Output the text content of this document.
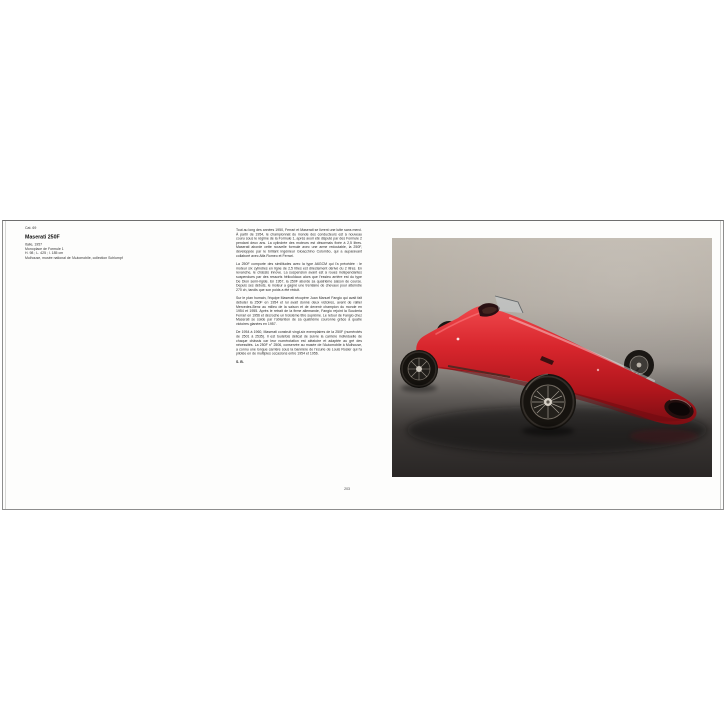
Cat. 69
Maserati 250F
Italie, 1957
Monoplace de Formule 1
H. 98 ; L. 425 ; l. 185 cm
Mulhouse, musée national de l'Automobile, collection Schlumpf

Tout au long des années 1950, Ferrari et Maserati se livrent une lutte sans merci. À partir de 1954, le championnat du monde des conducteurs est à nouveau couru sous le régime de la Formule 1, après avoir été disputé par des Formule 2 pendant deux ans. La cylindrée des moteurs est désormais fixée à 2,5 litres. Maserati aborde cette nouvelle formule avec une arme redoutable, la 250F, développée par le brillant ingénieur Gioacchino Colombo, qui a auparavant collaboré avec Alfa Romeo et Ferrari.

La 250F comporte des similitudes avec la type A6GCM qui l'a précédée : le moteur six cylindres en ligne de 2,5 litres est directement dérivé du 2 litres. En revanche, le châssis innove. La suspension avant est à roues indépendantes suspendues par des ressorts hélicoïdaux alors que l'essieu arrière est du type De Dion semi-rigide. En 1957, la 250F aborde sa quatrième saison de course. Depuis ses débuts, le moteur a gagné une trentaine de chevaux pour atteindre 270 ch, tandis que son poids a été réduit.

Sur le plan humain, l'équipe Maserati récupère Juan Manuel Fangio qui avait fait débuter la 250F en 1954 et lui avait donné deux victoires, avant de rallier Mercedes-Benz au milieu de la saison et de devenir champion du monde en 1954 et 1955. Après le retrait de la firme allemande, Fangio rejoint la Scuderia Ferrari en 1956 et décroche un troisième titre suprême. Le retour de Fangio chez Maserati se solde par l'obtention de sa quatrième couronne grâce à quatre victoires glanées en 1957.

De 1954 à 1960, Maserati construit vingt-six exemplaires de la 250F (numérotés de 2501 à 2535). Il est toutefois délicat de suivre la carrière individuelle de chaque châssis car leur numérotation est aléatoire et adaptée au gré des nécessités. La 250F n° 2506, conservée au musée de l'Automobile à Mulhouse, a connu une longue carrière sous la bannière de l'écurie de Louis Rosier qui l'a pilotée en de multiples occasions entre 1954 et 1956.

S. B.
203
